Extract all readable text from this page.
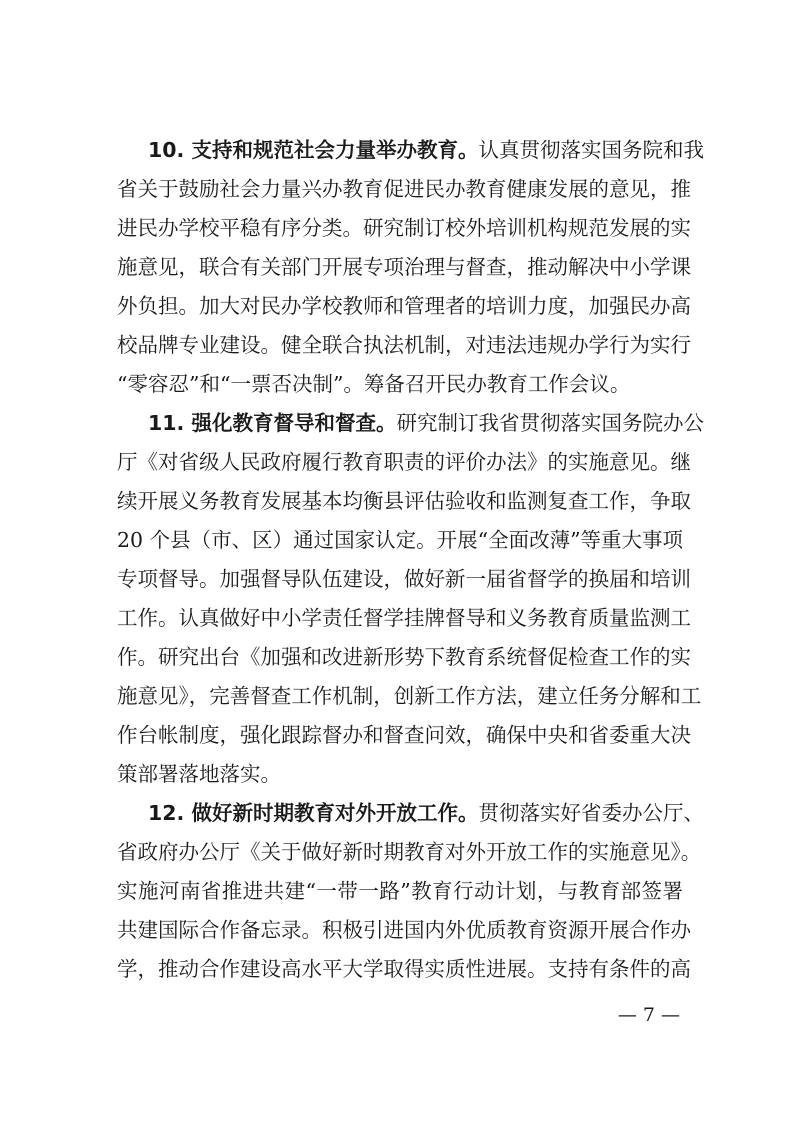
10. 支持和规范社会力量举办教育。认真贯彻落实国务院和我
省关于鼓励社会力量兴办教育促进民办教育健康发展的意见，推
进民办学校平稳有序分类。研究制订校外培训机构规范发展的实
施意见，联合有关部门开展专项治理与督查，推动解决中小学课
外负担。加大对民办学校教师和管理者的培训力度，加强民办高
校品牌专业建设。健全联合执法机制，对违法违规办学行为实行
“零容忍”和“一票否决制”。筹备召开民办教育工作会议。
11. 强化教育督导和督查。研究制订我省贯彻落实国务院办公
厅《对省级人民政府履行教育职责的评价办法》的实施意见。继
续开展义务教育发展基本均衡县评估验收和监测复查工作，争取
20 个县（市、区）通过国家认定。开展“全面改薄”等重大事项
专项督导。加强督导队伍建设，做好新一届省督学的换届和培训
工作。认真做好中小学责任督学挂牌督导和义务教育质量监测工
作。研究出台《加强和改进新形势下教育系统督促检查工作的实
施意见》，完善督查工作机制，创新工作方法，建立任务分解和工
作台帐制度，强化跟踪督办和督查问效，确保中央和省委重大决
策部署落地落实。
12. 做好新时期教育对外开放工作。贯彻落实好省委办公厅、
省政府办公厅《关于做好新时期教育对外开放工作的实施意见》。
实施河南省推进共建“一带一路”教育行动计划，与教育部签署
共建国际合作备忘录。积极引进国内外优质教育资源开展合作办
学，推动合作建设高水平大学取得实质性进展。支持有条件的高
— 7 —
